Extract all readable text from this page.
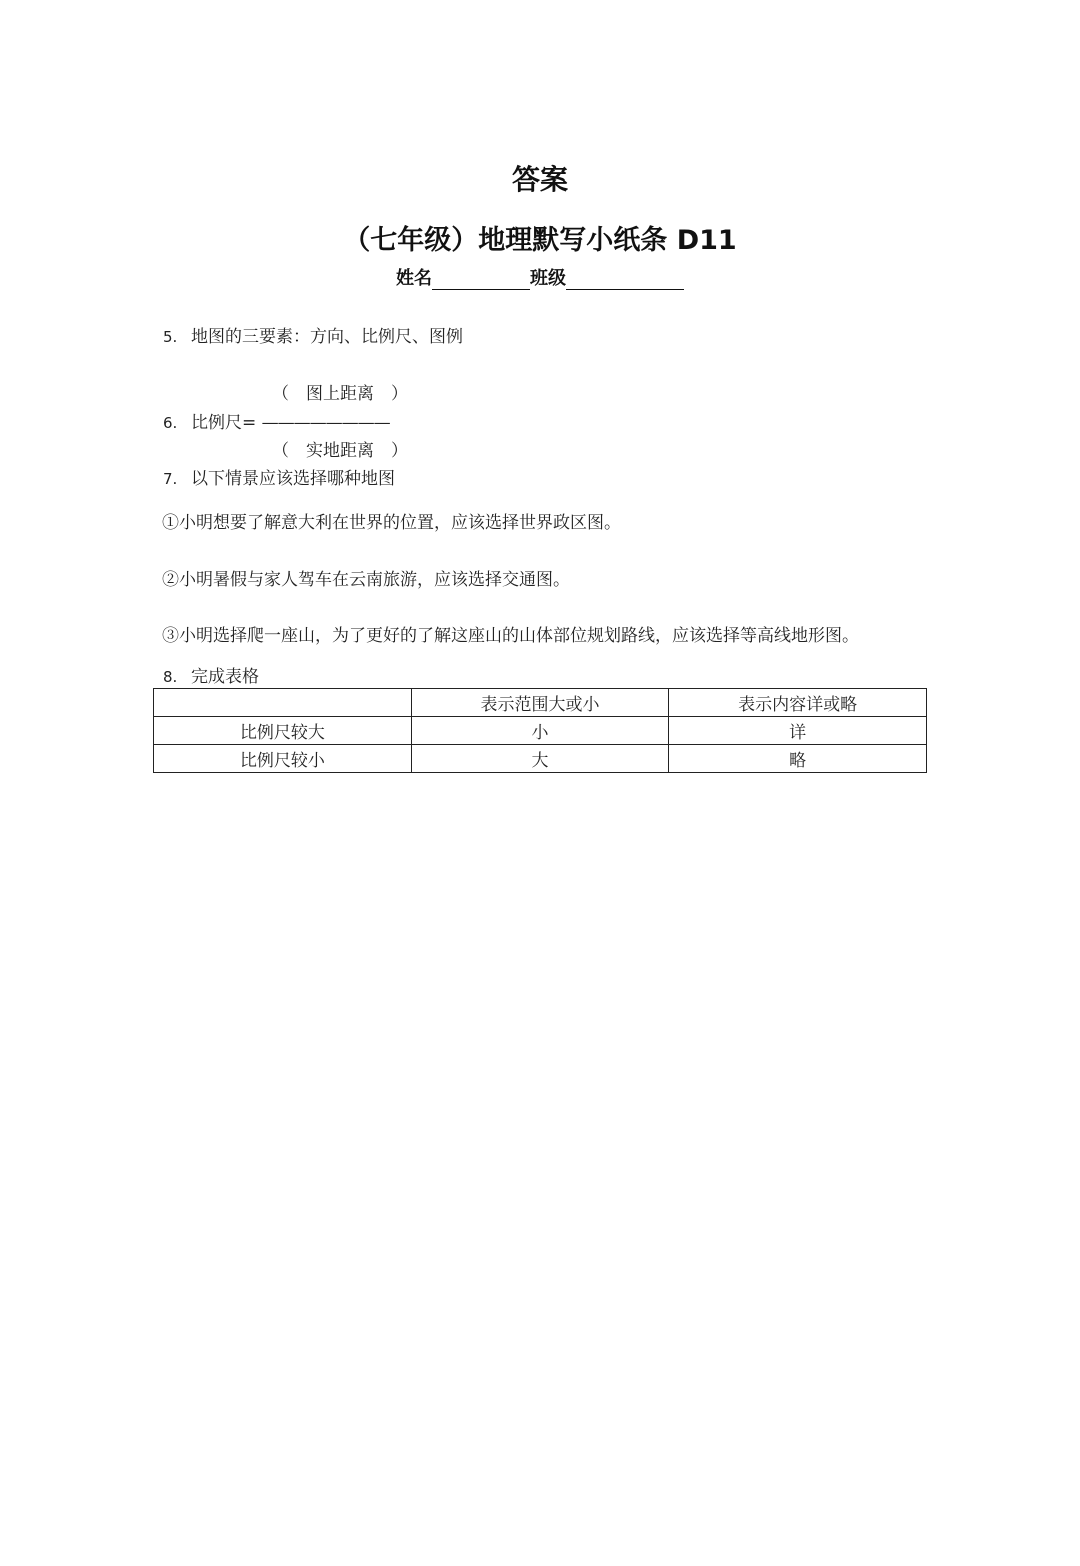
答案
（七年级）地理默写小纸条 D11
姓名	班级
5. 地图的三要素：方向、比例尺、图例
（　图上距离　）
6. 比例尺= ————————
（　实地距离　）
7. 以下情景应该选择哪种地图
①小明想要了解意大利在世界的位置，应该选择世界政区图。
②小明暑假与家人驾车在云南旅游，应该选择交通图。
③小明选择爬一座山，为了更好的了解这座山的山体部位规划路线，应该选择等高线地形图。
8. 完成表格
	表示范围大或小	表示内容详或略
比例尺较大	小	详
比例尺较小	大	略
